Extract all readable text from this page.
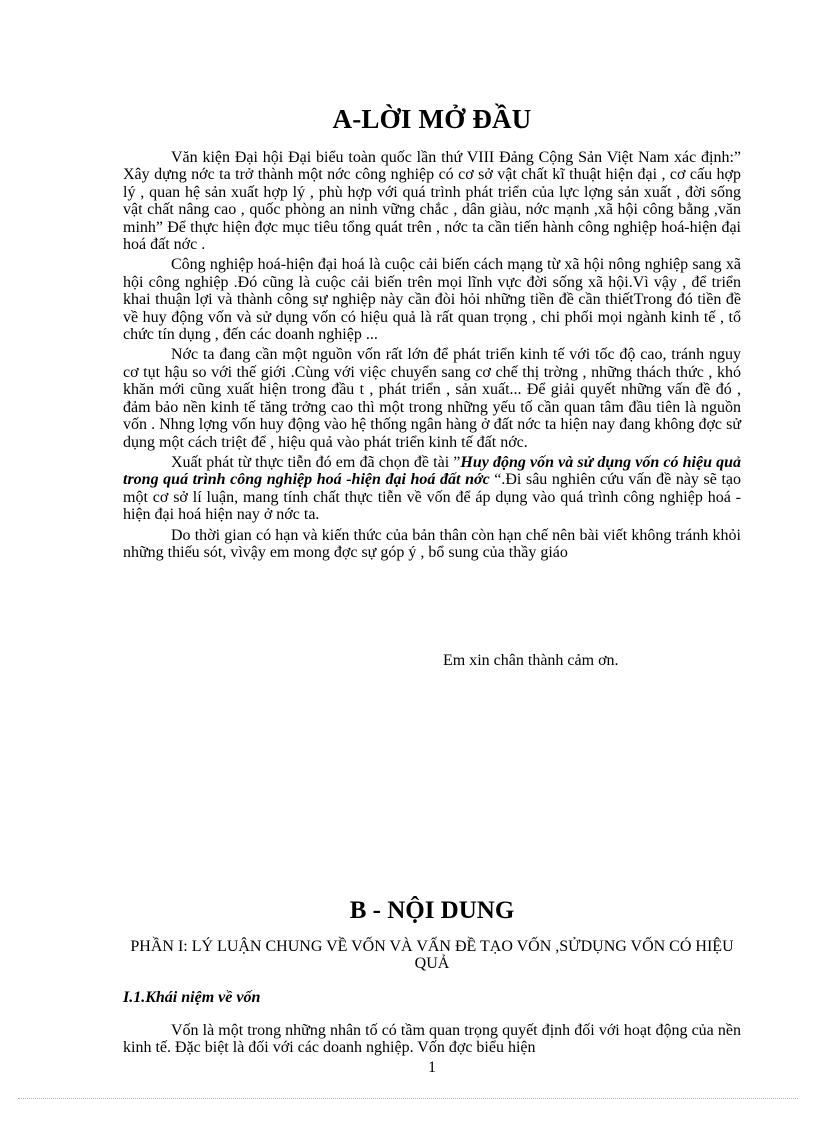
A-LỜI MỞ ĐẦU

Văn kiện Đại hội Đại biểu toàn quốc lần thứ VIII Đảng Cộng Sản Việt Nam xác định:” Xây dựng nớc ta trở thành một nớc công nghiệp có cơ sở vật chất kĩ thuật hiện đại , cơ cấu hợp lý , quan hệ sản xuất hợp lý , phù hợp với quá trình phát triển của lực lợng sản xuất , đời sống vật chất nâng cao , quốc phòng an ninh vững chắc , dân giàu, nớc mạnh ,xã hội công bằng ,văn minh” Để thực hiện đợc mục tiêu tổng quát trên , nớc ta cần tiến hành công nghiệp hoá-hiện đại hoá đất nớc .

Công nghiệp hoá-hiện đại hoá là cuộc cải biến cách mạng từ xã hội nông nghiệp sang xã hội công nghiệp .Đó cũng là cuộc cải biến trên mọi lĩnh vực đời sống xã hội.Vì vậy , để triển khai thuận lợi và thành công sự nghiệp này cần đòi hỏi những tiền đề cần thiếtTrong đó tiền đề về huy động vốn và sử dụng vốn có hiệu quả là rất quan trọng , chi phối mọi ngành kinh tế , tổ chức tín dụng , đến các doanh nghiệp ...

Nớc ta đang cần một nguồn vốn rất lớn để phát triển kinh tế với tốc độ cao, tránh nguy cơ tụt hậu so với thế giới .Cùng với việc chuyển sang cơ chế thị trờng , những thách thức , khó khăn mới cũng xuất hiện trong đầu t , phát triển , sản xuất... Để giải quyết những vấn đề đó , đảm bảo nền kinh tế tăng trởng cao thì một trong những yếu tố cần quan tâm đầu tiên là nguồn vốn . Nhng lợng vốn huy động vào hệ thống ngân hàng ở đất nớc ta hiện nay đang không đợc sử dụng một cách triệt để , hiệu quả vào phát triển kinh tế đất nớc.

Xuất phát từ thực tiễn đó em đã chọn đề tài ”Huy động vốn và sử dụng vốn có hiệu quả trong quá trình công nghiệp hoá -hiện đại hoá đất nớc “.Đi sâu nghiên cứu vấn đề này sẽ tạo một cơ sở lí luận, mang tính chất thực tiễn về vốn để áp dụng vào quá trình công nghiệp hoá - hiện đại hoá hiện nay ở nớc ta.

Do thời gian có hạn và kiến thức của bản thân còn hạn chế nên bài viết không tránh khỏi những thiếu sót, vìvậy em mong đợc sự góp ý , bổ sung của thầy giáo

Em xin chân thành cảm ơn.
B - NỘI DUNG
PHẦN I: LÝ LUẬN CHUNG VỀ VỐN VÀ VẤN ĐỀ TẠO VỐN ,SỬDỤNG VỐN CÓ HIỆU QUẢ
I.1.Khái niệm về vốn

Vốn là một trong những nhân tố có tầm quan trọng quyết định đối với hoạt động của nền kinh tế. Đặc biệt là đối với các doanh nghiệp. Vốn đợc biểu hiện

1
